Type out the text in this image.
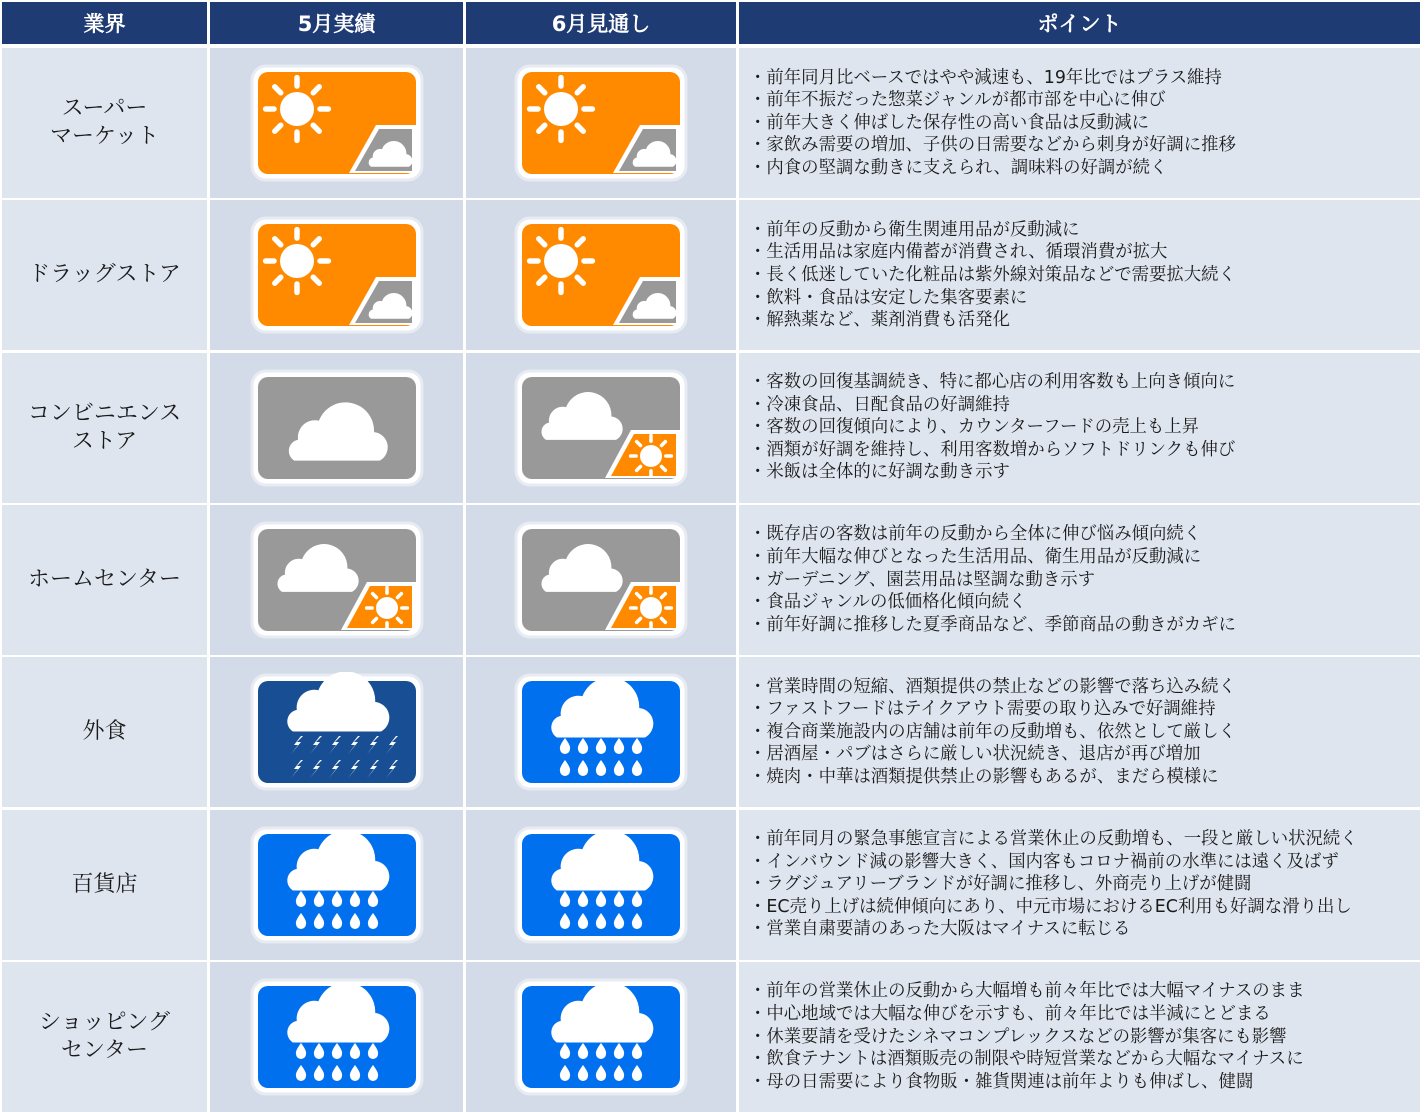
業界	5月実績	6月見通し	ポイント
スーパー
マーケット
・前年同月比ベースではやや減速も、19年比ではプラス維持
・前年不振だった惣菜ジャンルが都市部を中心に伸び
・前年大きく伸ばした保存性の高い食品は反動減に
・家飲み需要の増加、子供の日需要などから刺身が好調に推移
・内食の堅調な動きに支えられ、調味料の好調が続く
ドラッグストア
・前年の反動から衛生関連用品が反動減に
・生活用品は家庭内備蓄が消費され、循環消費が拡大
・長く低迷していた化粧品は紫外線対策品などで需要拡大続く
・飲料・食品は安定した集客要素に
・解熱薬など、薬剤消費も活発化
コンビニエンス
ストア
・客数の回復基調続き、特に都心店の利用客数も上向き傾向に
・冷凍食品、日配食品の好調維持
・客数の回復傾向により、カウンターフードの売上も上昇
・酒類が好調を維持し、利用客数増からソフトドリンクも伸び
・米飯は全体的に好調な動き示す
ホームセンター
・既存店の客数は前年の反動から全体に伸び悩み傾向続く
・前年大幅な伸びとなった生活用品、衛生用品が反動減に
・ガーデニング、園芸用品は堅調な動き示す
・食品ジャンルの低価格化傾向続く
・前年好調に推移した夏季商品など、季節商品の動きがカギに
外食
・営業時間の短縮、酒類提供の禁止などの影響で落ち込み続く
・ファストフードはテイクアウト需要の取り込みで好調維持
・複合商業施設内の店舗は前年の反動増も、依然として厳しく
・居酒屋・パブはさらに厳しい状況続き、退店が再び増加
・焼肉・中華は酒類提供禁止の影響もあるが、まだら模様に
百貨店
・前年同月の緊急事態宣言による営業休止の反動増も、一段と厳しい状況続く
・インバウンド減の影響大きく、国内客もコロナ禍前の水準には遠く及ばず
・ラグジュアリーブランドが好調に推移し、外商売り上げが健闘
・EC売り上げは続伸傾向にあり、中元市場におけるEC利用も好調な滑り出し
・営業自粛要請のあった大阪はマイナスに転じる
ショッピング
センター
・前年の営業休止の反動から大幅増も前々年比では大幅マイナスのまま
・中心地域では大幅な伸びを示すも、前々年比では半減にとどまる
・休業要請を受けたシネマコンプレックスなどの影響が集客にも影響
・飲食テナントは酒類販売の制限や時短営業などから大幅なマイナスに
・母の日需要により食物販・雑貨関連は前年よりも伸ばし、健闘
